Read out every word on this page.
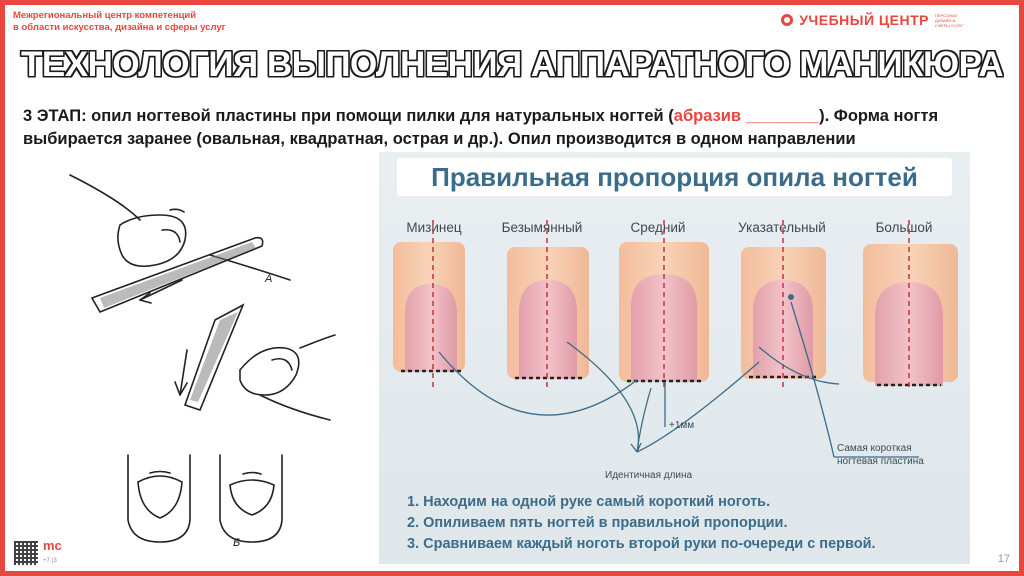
Межрегиональный центр компетенций
в области искусства, дизайна и сферы услуг	УЧЕБНЫЙ ЦЕНТР ПЕРСОНАЛ ДИЗАЙН И СФЕРЫ УСЛУГ
ТЕХНОЛОГИЯ ВЫПОЛНЕНИЯ АППАРАТНОГО МАНИКЮРА
3 ЭТАП: опил ногтевой пластины при помощи пилки для натуральных ногтей (абразив ________). Форма ногтя выбирается заранее (овальная, квадратная, острая и др.). Опил производится в одном направлении
А
Б
Правильная пропорция опила ногтей
Мизинец	Безымянный	Средний	Указательный	Большой
+1мм
Идентичная длина
Самая короткая
ногтевая пластина
1. Находим на одной руке самый короткий ноготь.
2. Опиливаем пять ногтей в правильной пропорции.
3. Сравниваем каждый ноготь второй руки по-очереди с первой.
mc
+7 (3	17
